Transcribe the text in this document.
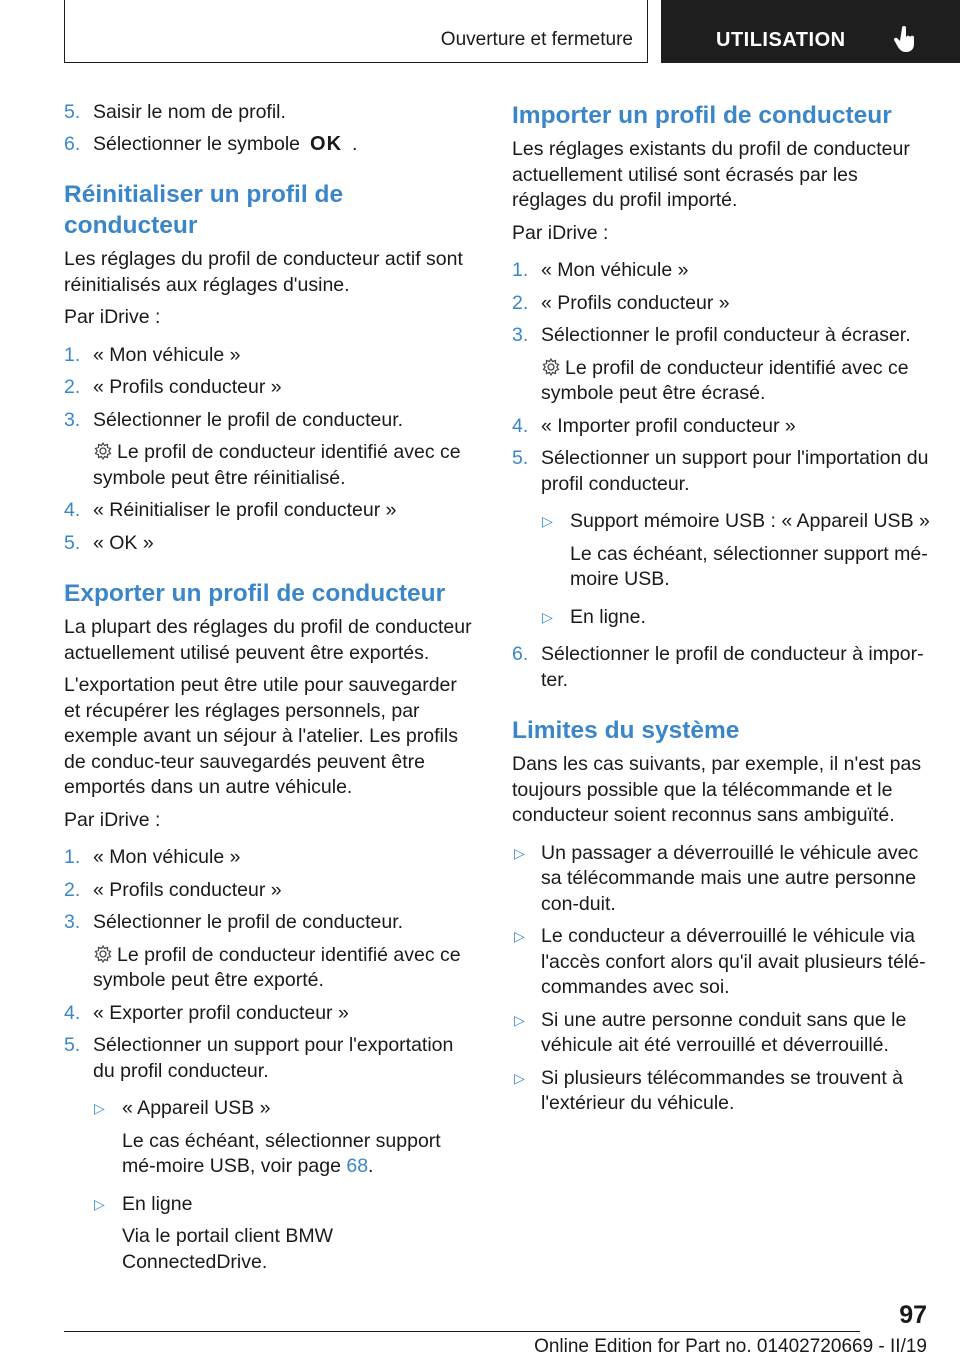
Ouverture et fermeture	UTILISATION
5. Saisir le nom de profil.
6. Sélectionner le symbole OK .
Réinitialiser un profil de conducteur

Les réglages du profil de conducteur actif sont réinitialisés aux réglages d'usine.

Par iDrive :

1. « Mon véhicule »
2. « Profils conducteur »
3. Sélectionner le profil de conducteur.

Le profil de conducteur identifié avec ce symbole peut être réinitialisé.

4. « Réinitialiser le profil conducteur »
5. « OK »
Exporter un profil de conducteur

La plupart des réglages du profil de conducteur actuellement utilisé peuvent être exportés.

L'exportation peut être utile pour sauvegarder et récupérer les réglages personnels, par exemple avant un séjour à l'atelier. Les profils de conduc‐teur sauvegardés peuvent être emportés dans un autre véhicule.

Par iDrive :

1. « Mon véhicule »
2. « Profils conducteur »
3. Sélectionner le profil de conducteur.

Le profil de conducteur identifié avec ce symbole peut être exporté.

4. « Exporter profil conducteur »
5. Sélectionner un support pour l'exportation du profil conducteur.
▷ « Appareil USB »

Le cas échéant, sélectionner support mé‐moire USB, voir page 68.

▷ En ligne

Via le portail client BMW ConnectedDrive.

Importer un profil de conducteur

Les réglages existants du profil de conducteur actuellement utilisé sont écrasés par les réglages du profil importé.

Par iDrive :

1. « Mon véhicule »
2. « Profils conducteur »
3. Sélectionner le profil conducteur à écraser.

Le profil de conducteur identifié avec ce symbole peut être écrasé.

4. « Importer profil conducteur »
5. Sélectionner un support pour l'importation du profil conducteur.
▷ Support mémoire USB : « Appareil USB »

Le cas échéant, sélectionner support mé‐moire USB.

▷ En ligne.
6. Sélectionner le profil de conducteur à impor‐ter.
Limites du système

Dans les cas suivants, par exemple, il n'est pas toujours possible que la télécommande et le conducteur soient reconnus sans ambiguïté.

▷ Un passager a déverrouillé le véhicule avec sa télécommande mais une autre personne con‐duit.
▷ Le conducteur a déverrouillé le véhicule via l'accès confort alors qu'il avait plusieurs télé‐commandes avec soi.
▷ Si une autre personne conduit sans que le véhicule ait été verrouillé et déverrouillé.
▷ Si plusieurs télécommandes se trouvent à l'extérieur du véhicule.
97
Online Edition for Part no. 01402720669 - II/19
